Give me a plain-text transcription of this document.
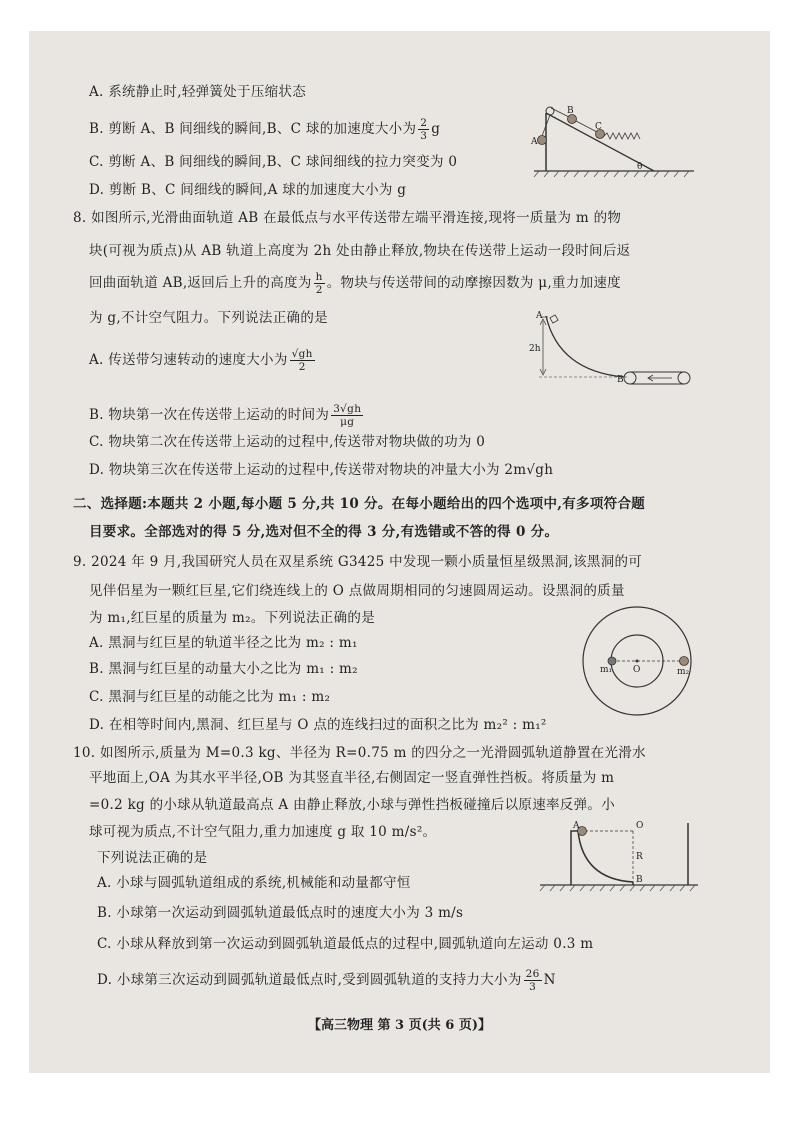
A. 系统静止时,轻弹簧处于压缩状态
B. 剪断 A、B 间细线的瞬间,B、C 球的加速度大小为 $\frac{2}{3}$ g
C. 剪断 A、B 间细线的瞬间,B、C 球间细线的拉力突变为 0
D. 剪断 B、C 间细线的瞬间,A 球的加速度大小为 g
A
B
C
θ
8. 如图所示,光滑曲面轨道 AB 在最低点与水平传送带左端平滑连接,现将一质量为 m 的物
块(可视为质点)从 AB 轨道上高度为 2h 处由静止释放,物块在传送带上运动一段时间后返
回曲面轨道 AB,返回后上升的高度为 $\frac{h}{2}$ 。物块与传送带间的动摩擦因数为 μ,重力加速度
为 g,不计空气阻力。下列说法正确的是
A. 传送带匀速转动的速度大小为 $\frac{√gh}{2}$
B. 物块第一次在传送带上运动的时间为 $\frac{3√gh}{\mu g}$
C. 物块第二次在传送带上运动的过程中,传送带对物块做的功为 0
D. 物块第三次在传送带上运动的过程中,传送带对物块的冲量大小为 2m√gh
2h
A
B
二、选择题:本题共 2 小题,每小题 5 分,共 10 分。在每小题给出的四个选项中,有多项符合题
目要求。全部选对的得 5 分,选对但不全的得 3 分,有选错或不答的得 0 分。
9. 2024 年 9 月,我国研究人员在双星系统 G3425 中发现一颗小质量恒星级黑洞,该黑洞的可
见伴侣星为一颗红巨星,它们绕连线上的 O 点做周期相同的匀速圆周运动。设黑洞的质量
为 m₁,红巨星的质量为 m₂。下列说法正确的是
A. 黑洞与红巨星的轨道半径之比为 m₂ : m₁
B. 黑洞与红巨星的动量大小之比为 m₁ : m₂
C. 黑洞与红巨星的动能之比为 m₁ : m₂
D. 在相等时间内,黑洞、红巨星与 O 点的连线扫过的面积之比为 m₂² : m₁²
m₁ O	m₂
10. 如图所示,质量为 M=0.3 kg、半径为 R=0.75 m 的四分之一光滑圆弧轨道静置在光滑水
平地面上,OA 为其水平半径,OB 为其竖直半径,右侧固定一竖直弹性挡板。将质量为 m
=0.2 kg 的小球从轨道最高点 A 由静止释放,小球与弹性挡板碰撞后以原速率反弹。小
球可视为质点,不计空气阻力,重力加速度 g 取 10 m/s²。
下列说法正确的是
A. 小球与圆弧轨道组成的系统,机械能和动量都守恒
B. 小球第一次运动到圆弧轨道最低点时的速度大小为 3 m/s
C. 小球从释放到第一次运动到圆弧轨道最低点的过程中,圆弧轨道向左运动 0.3 m
D. 小球第三次运动到圆弧轨道最低点时,受到圆弧轨道的支持力大小为 $\frac{26}{3}$ N
A	O
R
B
【高三物理 第 3 页(共 6 页)】
